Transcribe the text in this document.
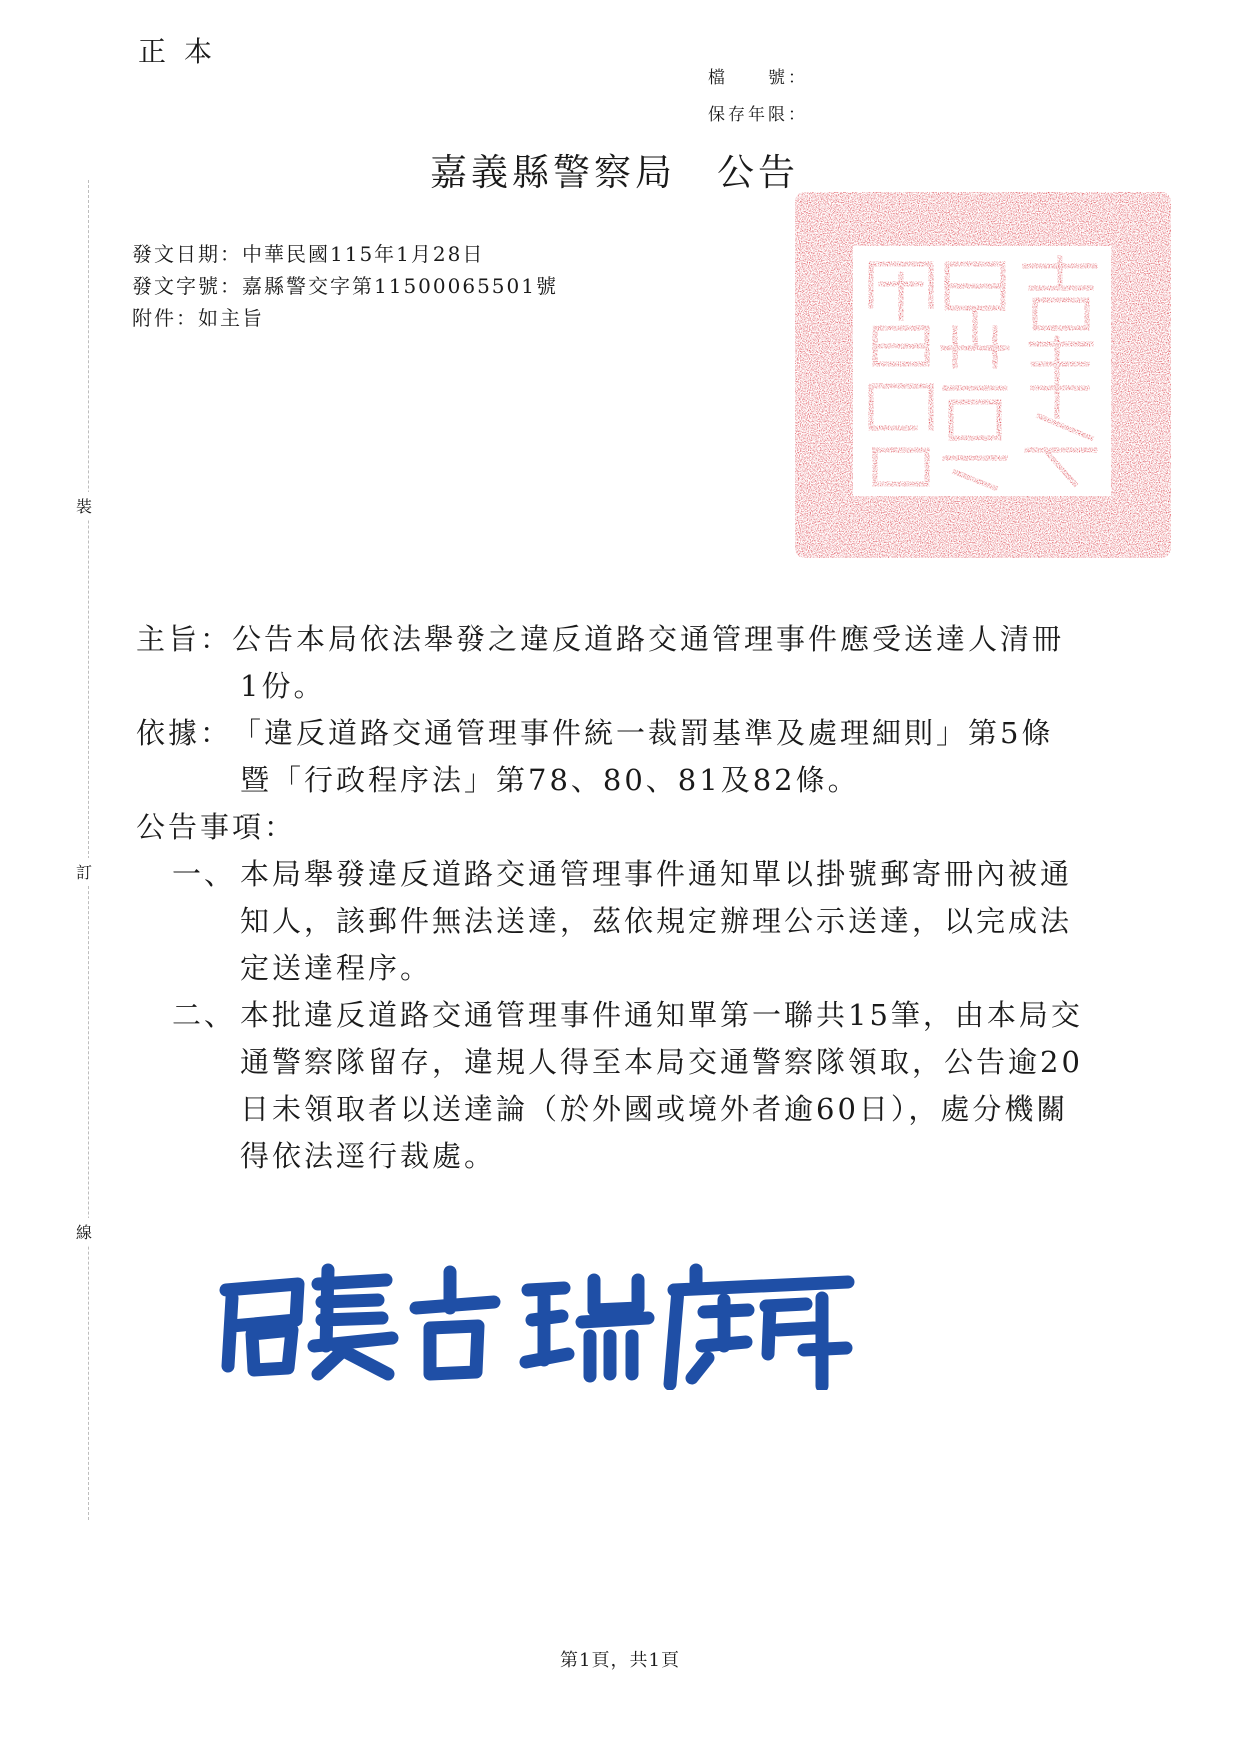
正本
檔　　號：
保存年限：
嘉義縣警察局　公告
發文日期：中華民國115年1月28日
發文字號：嘉縣警交字第11500065501號
附件：如主旨
裝
訂
線
主旨：公告本局依法舉發之違反道路交通管理事件應受送達人清冊
1份。
依據：「違反道路交通管理事件統一裁罰基準及處理細則」第5條
暨「行政程序法」第78、80、81及82條。
公告事項：
一、 本局舉發違反道路交通管理事件通知單以掛號郵寄冊內被通
知人，該郵件無法送達，茲依規定辦理公示送達，以完成法
定送達程序。
二、 本批違反道路交通管理事件通知單第一聯共15筆，由本局交
通警察隊留存，違規人得至本局交通警察隊領取，公告逾20
日未領取者以送達論（於外國或境外者逾60日），處分機關
得依法逕行裁處。
第1頁，共1頁
